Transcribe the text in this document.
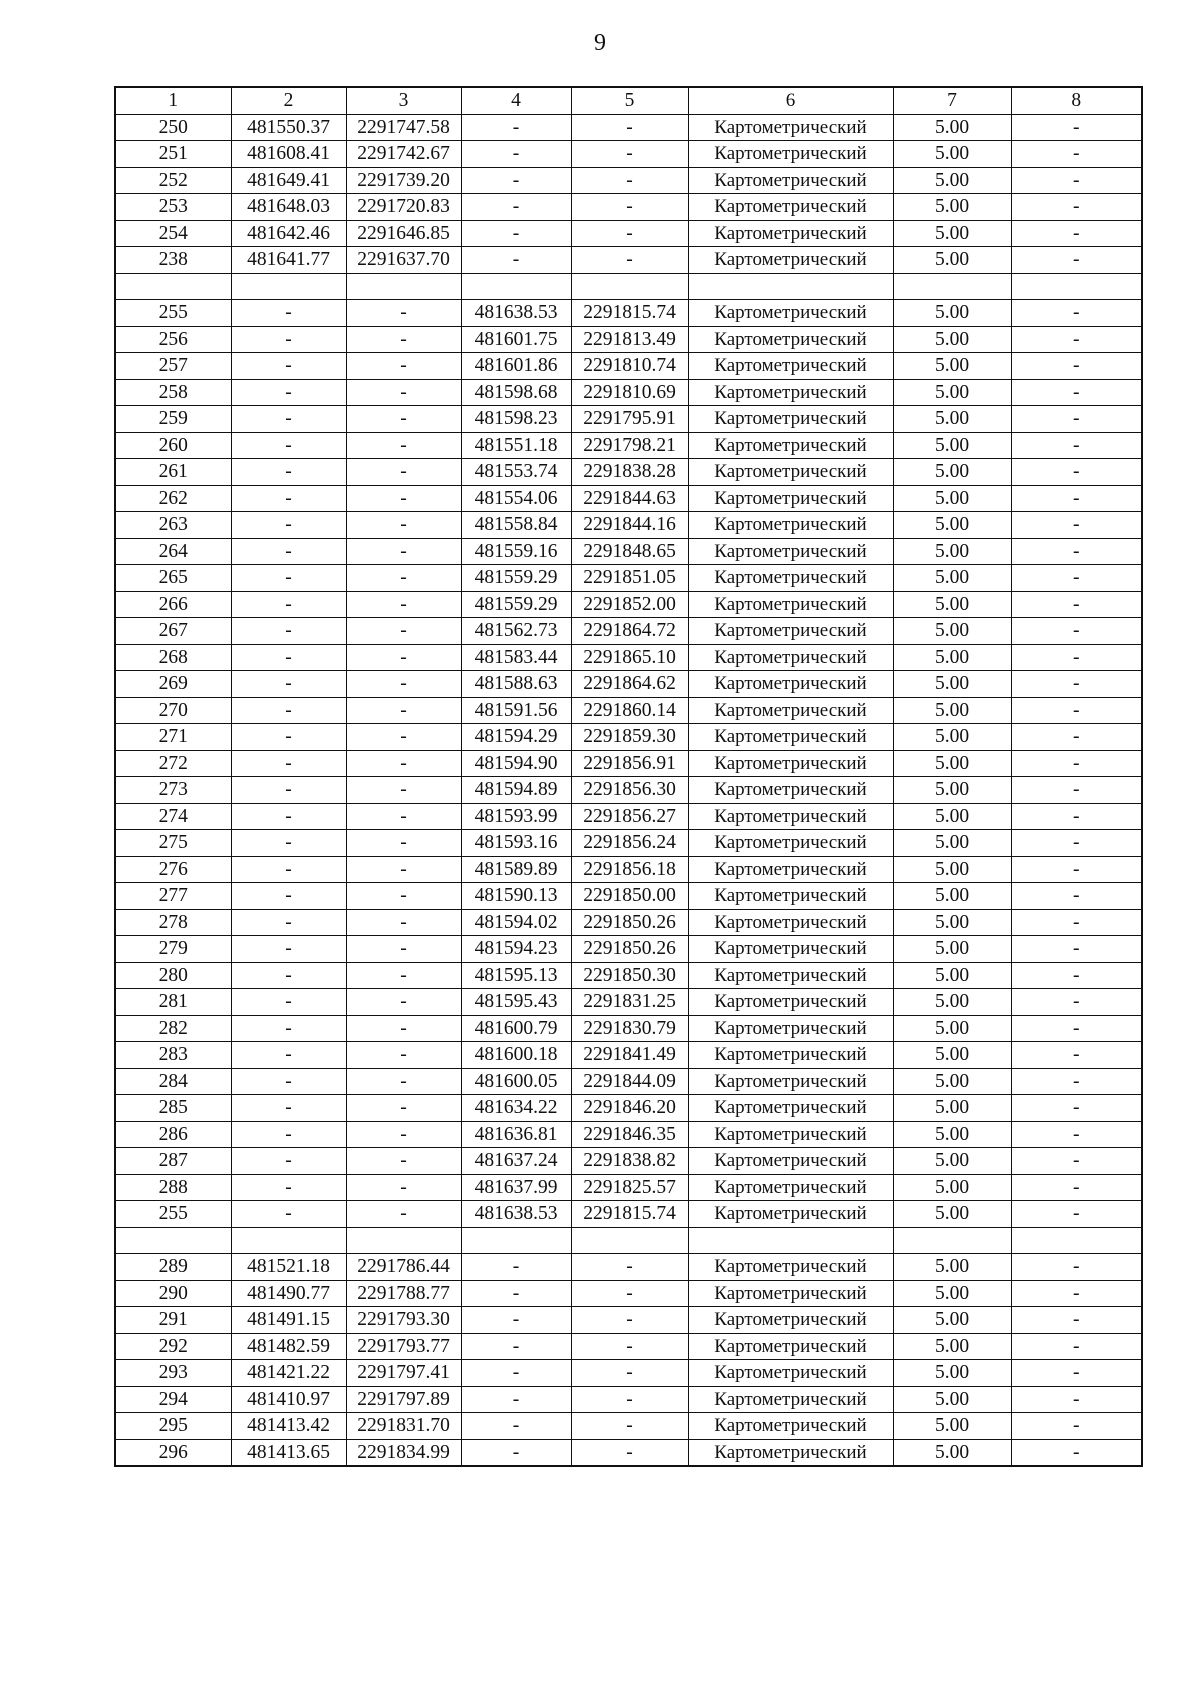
9
1	2	3	4	5	6	7	8
250	481550.37	2291747.58	-	-	Картометрический	5.00	-
251	481608.41	2291742.67	-	-	Картометрический	5.00	-
252	481649.41	2291739.20	-	-	Картометрический	5.00	-
253	481648.03	2291720.83	-	-	Картометрический	5.00	-
254	481642.46	2291646.85	-	-	Картометрический	5.00	-
238	481641.77	2291637.70	-	-	Картометрический	5.00	-

255	-	-	481638.53	2291815.74	Картометрический	5.00	-
256	-	-	481601.75	2291813.49	Картометрический	5.00	-
257	-	-	481601.86	2291810.74	Картометрический	5.00	-
258	-	-	481598.68	2291810.69	Картометрический	5.00	-
259	-	-	481598.23	2291795.91	Картометрический	5.00	-
260	-	-	481551.18	2291798.21	Картометрический	5.00	-
261	-	-	481553.74	2291838.28	Картометрический	5.00	-
262	-	-	481554.06	2291844.63	Картометрический	5.00	-
263	-	-	481558.84	2291844.16	Картометрический	5.00	-
264	-	-	481559.16	2291848.65	Картометрический	5.00	-
265	-	-	481559.29	2291851.05	Картометрический	5.00	-
266	-	-	481559.29	2291852.00	Картометрический	5.00	-
267	-	-	481562.73	2291864.72	Картометрический	5.00	-
268	-	-	481583.44	2291865.10	Картометрический	5.00	-
269	-	-	481588.63	2291864.62	Картометрический	5.00	-
270	-	-	481591.56	2291860.14	Картометрический	5.00	-
271	-	-	481594.29	2291859.30	Картометрический	5.00	-
272	-	-	481594.90	2291856.91	Картометрический	5.00	-
273	-	-	481594.89	2291856.30	Картометрический	5.00	-
274	-	-	481593.99	2291856.27	Картометрический	5.00	-
275	-	-	481593.16	2291856.24	Картометрический	5.00	-
276	-	-	481589.89	2291856.18	Картометрический	5.00	-
277	-	-	481590.13	2291850.00	Картометрический	5.00	-
278	-	-	481594.02	2291850.26	Картометрический	5.00	-
279	-	-	481594.23	2291850.26	Картометрический	5.00	-
280	-	-	481595.13	2291850.30	Картометрический	5.00	-
281	-	-	481595.43	2291831.25	Картометрический	5.00	-
282	-	-	481600.79	2291830.79	Картометрический	5.00	-
283	-	-	481600.18	2291841.49	Картометрический	5.00	-
284	-	-	481600.05	2291844.09	Картометрический	5.00	-
285	-	-	481634.22	2291846.20	Картометрический	5.00	-
286	-	-	481636.81	2291846.35	Картометрический	5.00	-
287	-	-	481637.24	2291838.82	Картометрический	5.00	-
288	-	-	481637.99	2291825.57	Картометрический	5.00	-
255	-	-	481638.53	2291815.74	Картометрический	5.00	-

289	481521.18	2291786.44	-	-	Картометрический	5.00	-
290	481490.77	2291788.77	-	-	Картометрический	5.00	-
291	481491.15	2291793.30	-	-	Картометрический	5.00	-
292	481482.59	2291793.77	-	-	Картометрический	5.00	-
293	481421.22	2291797.41	-	-	Картометрический	5.00	-
294	481410.97	2291797.89	-	-	Картометрический	5.00	-
295	481413.42	2291831.70	-	-	Картометрический	5.00	-
296	481413.65	2291834.99	-	-	Картометрический	5.00	-
